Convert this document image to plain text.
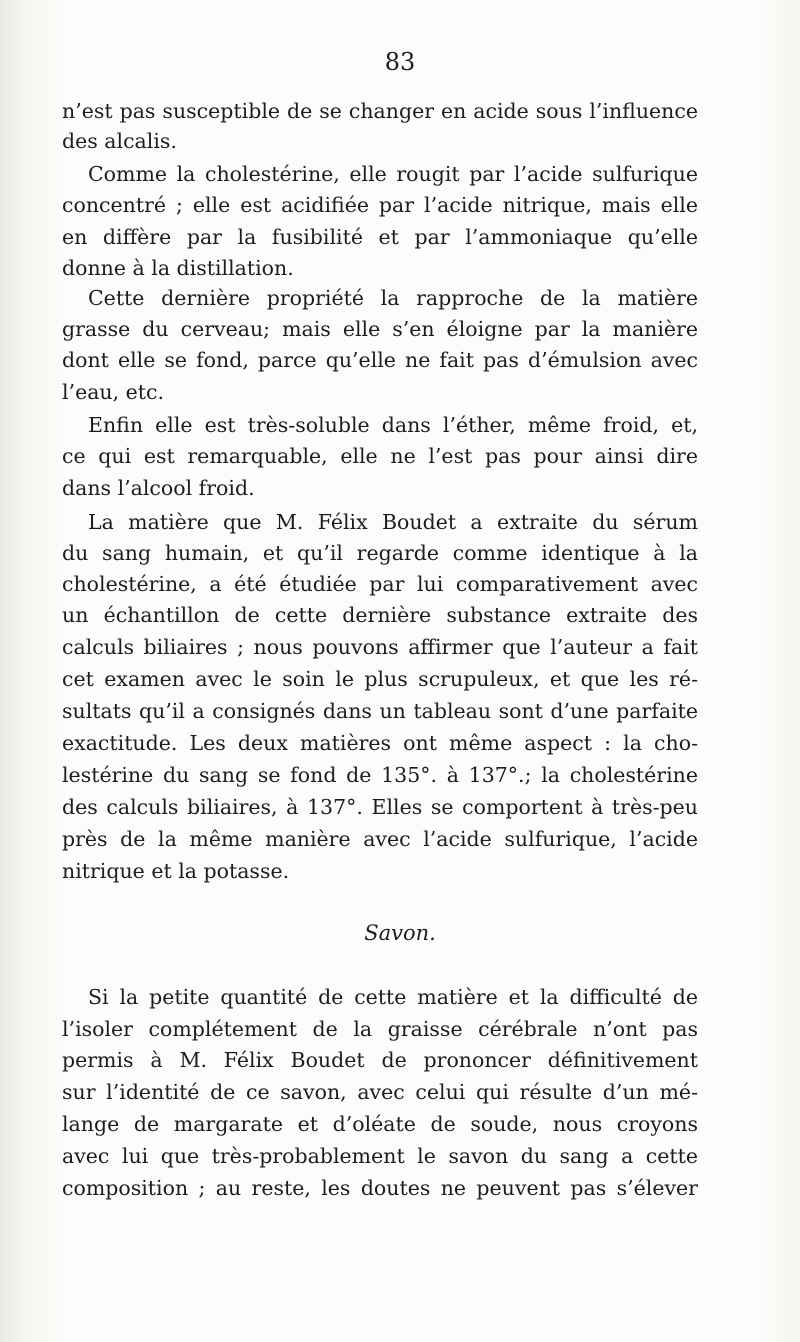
83
n’est pas susceptible de se changer en acide sous l’influence
des alcalis.
Comme la cholestérine, elle rougit par l’acide sulfurique
concentré ; elle est acidifiée par l’acide nitrique, mais elle
en diffère par la fusibilité et par l’ammoniaque qu’elle
donne à la distillation.
Cette dernière propriété la rapproche de la matière
grasse du cerveau; mais elle s’en éloigne par la manière
dont elle se fond, parce qu’elle ne fait pas d’émulsion avec
l’eau, etc.
Enfin elle est très-soluble dans l’éther, même froid, et,
ce qui est remarquable, elle ne l’est pas pour ainsi dire
dans l’alcool froid.
La matière que M. Félix Boudet a extraite du sérum
du sang humain, et qu’il regarde comme identique à la
cholestérine, a été étudiée par lui comparativement avec
un échantillon de cette dernière substance extraite des
calculs biliaires ; nous pouvons affirmer que l’auteur a fait
cet examen avec le soin le plus scrupuleux, et que les ré-
sultats qu’il a consignés dans un tableau sont d’une parfaite
exactitude. Les deux matières ont même aspect : la cho-
lestérine du sang se fond de 135°. à 137°.; la cholestérine
des calculs biliaires, à 137°. Elles se comportent à très-peu
près de la même manière avec l’acide sulfurique, l’acide
nitrique et la potasse.
Savon.
Si la petite quantité de cette matière et la difficulté de
l’isoler complétement de la graisse cérébrale n’ont pas
permis à M. Félix Boudet de prononcer définitivement
sur l’identité de ce savon, avec celui qui résulte d’un mé-
lange de margarate et d’oléate de soude, nous croyons
avec lui que très-probablement le savon du sang a cette
composition ; au reste, les doutes ne peuvent pas s’élever
